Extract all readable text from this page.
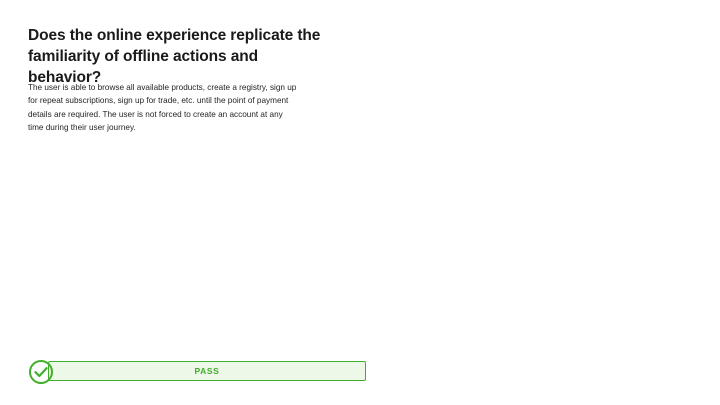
Does the online experience replicate the familiarity of offline actions and behavior?
The user is able to browse all available products, create a registry, sign up for repeat subscriptions, sign up for trade, etc. until the point of payment details are required. The user is not forced to create an account at any time during their user journey.
PASS
